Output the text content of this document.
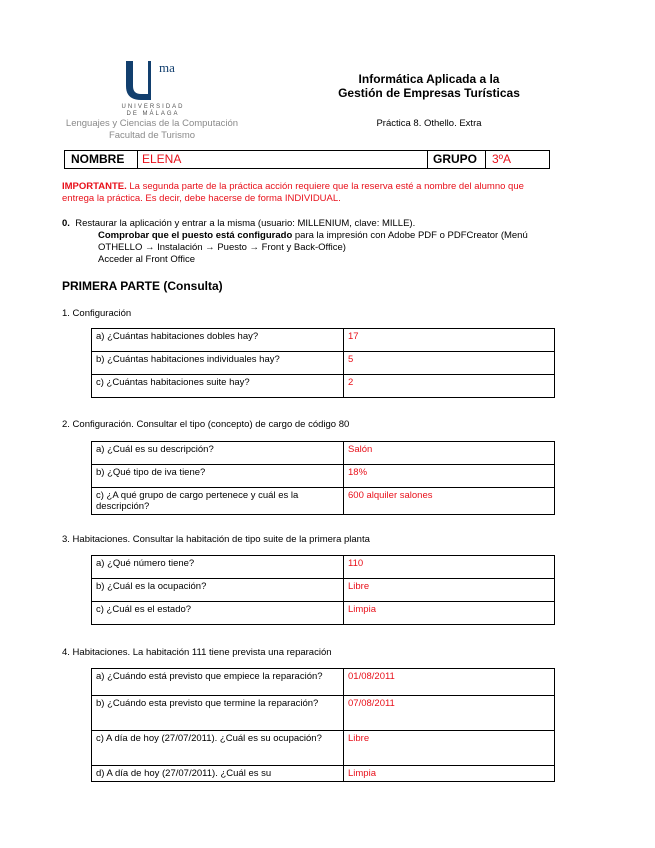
ma
UNIVERSIDAD DE MÁLAGA
Lenguajes y Ciencias de la Computación
Facultad de Turismo
Informática Aplicada a la
Gestión de Empresas Turísticas
Práctica 8. Othello. Extra
NOMBRE ELENA	GRUPO 3ºA
IMPORTANTE. La segunda parte de la práctica acción requiere que la reserva esté a nombre del alumno que
entrega la práctica. Es decir, debe hacerse de forma INDIVIDUAL.
0. Restaurar la aplicación y entrar a la misma (usuario: MILLENIUM, clave: MILLE).
Comprobar que el puesto está configurado para la impresión con Adobe PDF o PDFCreator (Menú
OTHELLO → Instalación → Puesto → Front y Back-Office)
Acceder al Front Office
PRIMERA PARTE (Consulta)
1. Configuración
a) ¿Cuántas habitaciones dobles hay?	17
b) ¿Cuántas habitaciones individuales hay?	5
c) ¿Cuántas habitaciones suite hay?	2
2. Configuración. Consultar el tipo (concepto) de cargo de código 80
a) ¿Cuál es su descripción?	Salón
b) ¿Qué tipo de iva tiene?	18%
c) ¿A qué grupo de cargo pertenece y cuál es la descripción?	600 alquiler salones
3. Habitaciones. Consultar la habitación de tipo suite de la primera planta
a) ¿Qué número tiene?	110
b) ¿Cuál es la ocupación?	Libre
c) ¿Cuál es el estado?	Limpia
4. Habitaciones. La habitación 111 tiene prevista una reparación
a) ¿Cuándo está previsto que empiece la reparación?	01/08/2011
b) ¿Cuándo esta previsto que termine la reparación?	07/08/2011
c) A día de hoy (27/07/2011). ¿Cuál es su ocupación?	Libre
d) A día de hoy (27/07/2011). ¿Cuál es su	Limpia
